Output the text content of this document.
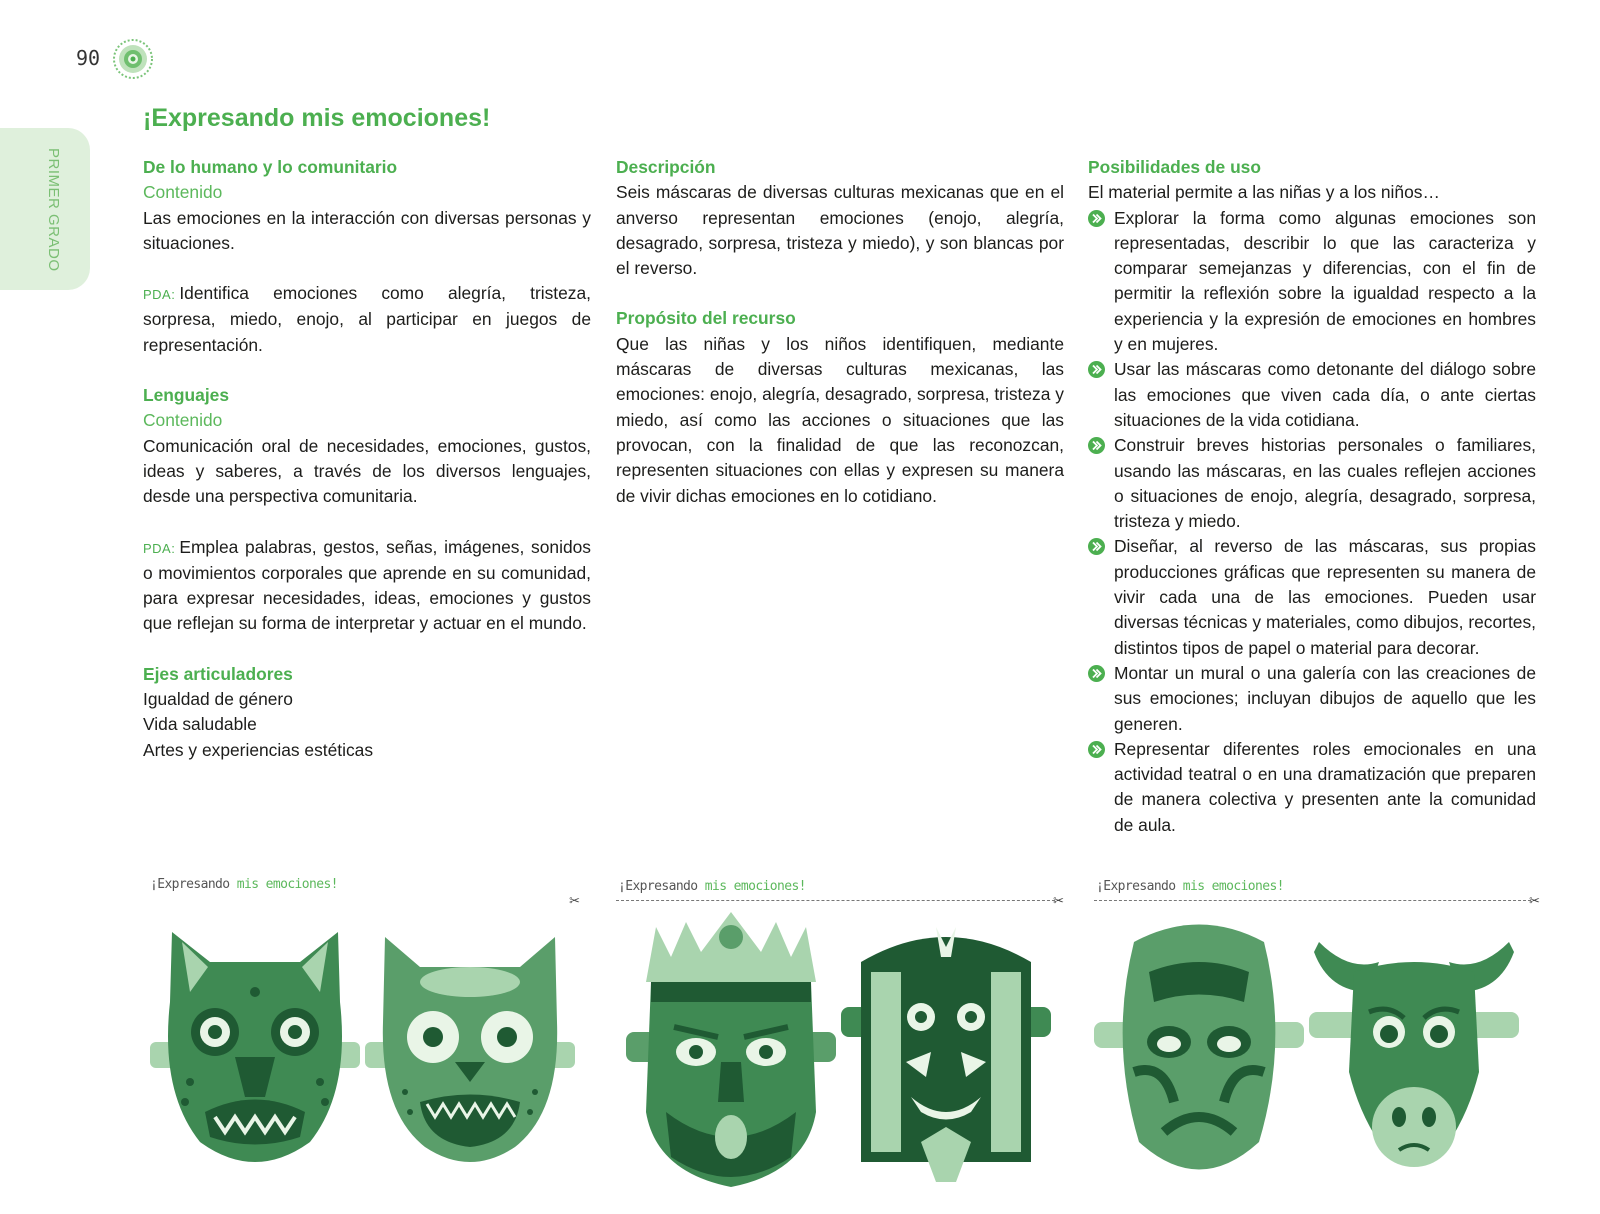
90
PRIMER GRADO
¡Expresando mis emociones!
De lo humano y lo comunitario
Contenido

Las emociones en la interacción con diversas personas y situaciones.

PDA: Identifica emociones como alegría, tristeza, sorpresa, miedo, enojo, al participar en juegos de representación.

Lenguajes
Contenido

Comunicación oral de necesidades, emociones, gustos, ideas y saberes, a través de los diversos lenguajes, desde una perspectiva comunitaria.

PDA: Emplea palabras, gestos, señas, imágenes, sonidos o movimientos corporales que aprende en su comunidad, para expresar necesidades, ideas, emociones y gustos que reflejan su forma de interpretar y actuar en el mundo.

Ejes articuladores
Igualdad de género
Vida saludable
Artes y experiencias estéticas
Descripción

Seis máscaras de diversas culturas mexicanas que en el anverso representan emociones (enojo, alegría, desagrado, sorpresa, tristeza y miedo), y son blancas por el reverso.

Propósito del recurso

Que las niñas y los niños identifiquen, mediante máscaras de diversas culturas mexicanas, las emociones: enojo, alegría, desagrado, sorpresa, tristeza y miedo, así como las acciones o situaciones que las provocan, con la finalidad de que las reconozcan, representen situaciones con ellas y expresen su manera de vivir dichas emociones en lo cotidiano.

Posibilidades de uso

El material permite a las niñas y a los niños…

Explorar la forma como algunas emociones son representadas, describir lo que las caracteriza y comparar semejanzas y diferencias, con el fin de permitir la reflexión sobre la igualdad respecto a la experiencia y la expresión de emociones en hombres y en mujeres.
Usar las máscaras como detonante del diálogo sobre las emociones que viven cada día, o ante ciertas situaciones de la vida cotidiana.
Construir breves historias personales o familiares, usando las máscaras, en las cuales reflejen acciones o situaciones de enojo, alegría, desagrado, sorpresa, tristeza y miedo.
Diseñar, al reverso de las máscaras, sus propias producciones gráficas que representen su manera de vivir cada una de las emociones. Pueden usar diversas técnicas y materiales, como dibujos, recortes, distintos tipos de papel o material para decorar.
Montar un mural o una galería con las creaciones de sus emociones; incluyan dibujos de aquello que les generen.
Representar diferentes roles emocionales en una actividad teatral o en una dramatización que preparen de manera colectiva y presenten ante la comunidad de aula.
¡Expresando mis emociones!
✂
¡Expresando mis emociones!
✂
¡Expresando mis emociones!
✂
